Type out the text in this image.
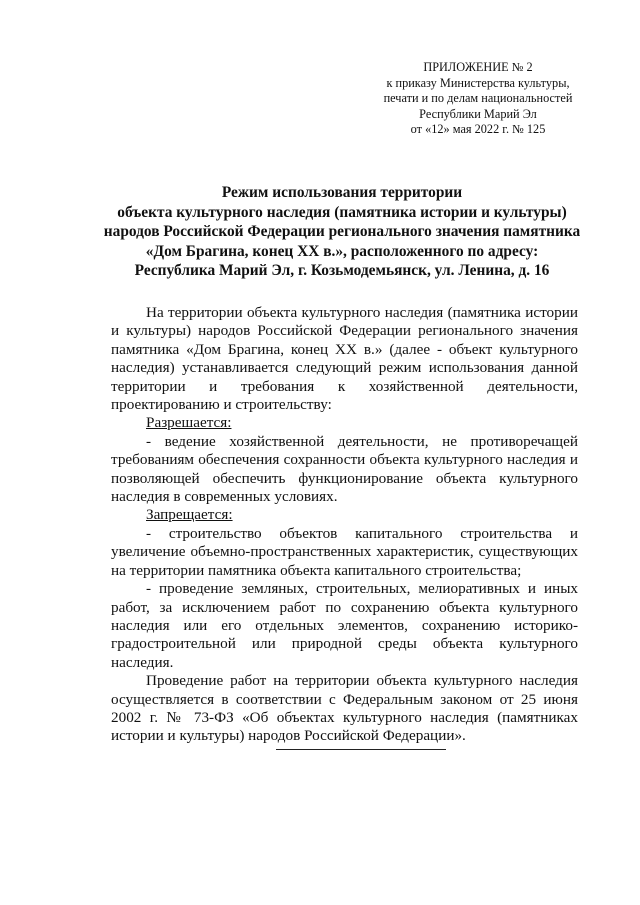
ПРИЛОЖЕНИЕ № 2
к приказу Министерства культуры,
печати и по делам национальностей
Республики Марий Эл
от «12» мая 2022 г. № 125
Режим использования территории
объекта культурного наследия (памятника истории и культуры)
народов Российской Федерации регионального значения памятника
«Дом Брагина, конец XX в.», расположенного по адресу:
Республика Марий Эл, г. Козьмодемьянск, ул. Ленина, д. 16

На территории объекта культурного наследия (памятника истории и культуры) народов Российской Федерации регионального значения памятника «Дом Брагина, конец XX в.» (далее - объект культурного наследия) устанавливается следующий режим использования данной территории и требования к хозяйственной деятельности, проектированию и строительству:

Разрешается:

- ведение хозяйственной деятельности, не противоречащей требованиям обеспечения сохранности объекта культурного наследия и позволяющей обеспечить функционирование объекта культурного наследия в современных условиях.

Запрещается:

- строительство объектов капитального строительства и увеличение объемно-пространственных характеристик, существующих на территории памятника объекта капитального строительства;

- проведение земляных, строительных, мелиоративных и иных работ, за исключением работ по сохранению объекта культурного наследия или его отдельных элементов, сохранению историко-градостроительной или природной среды объекта культурного наследия.

Проведение работ на территории объекта культурного наследия осуществляется в соответствии с Федеральным законом от 25 июня 2002 г. № 73-ФЗ «Об объектах культурного наследия (памятниках истории и культуры) народов Российской Федерации».
